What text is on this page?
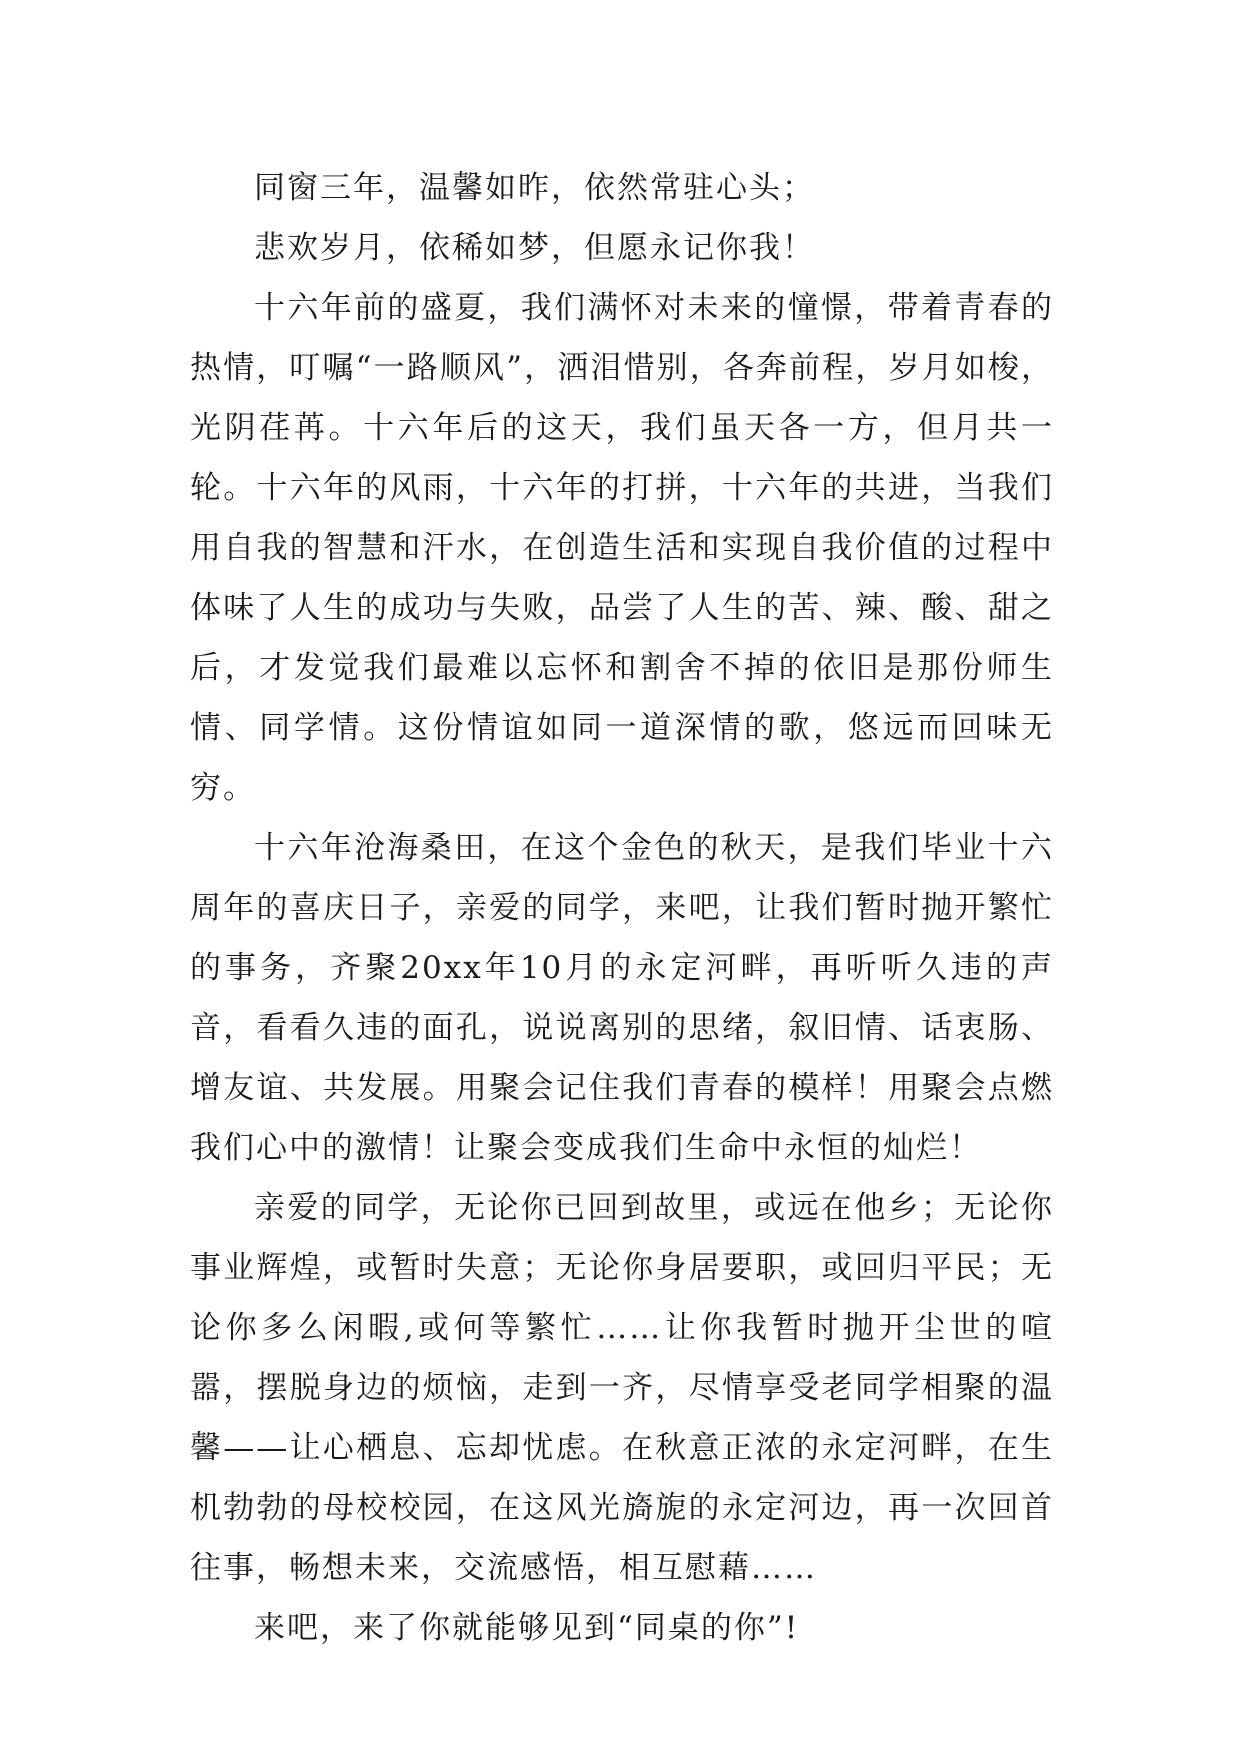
同窗三年，温馨如昨，依然常驻心头；

悲欢岁月，依稀如梦，但愿永记你我！

十六年前的盛夏，我们满怀对未来的憧憬，带着青春的热情，叮嘱“一路顺风”，洒泪惜别，各奔前程，岁月如梭，光阴荏苒。十六年后的这天，我们虽天各一方，但月共一轮。十六年的风雨，十六年的打拼，十六年的共进，当我们用自我的智慧和汗水，在创造生活和实现自我价值的过程中体味了人生的成功与失败，品尝了人生的苦、辣、酸、甜之后，才发觉我们最难以忘怀和割舍不掉的依旧是那份师生情、同学情。这份情谊如同一道深情的歌，悠远而回味无穷。

十六年沧海桑田，在这个金色的秋天，是我们毕业十六周年的喜庆日子，亲爱的同学，来吧，让我们暂时抛开繁忙的事务，齐聚20xx年10月的永定河畔，再听听久违的声音，看看久违的面孔，说说离别的思绪，叙旧情、话衷肠、增友谊、共发展。用聚会记住我们青春的模样！用聚会点燃我们心中的激情！让聚会变成我们生命中永恒的灿烂！

亲爱的同学，无论你已回到故里，或远在他乡；无论你事业辉煌，或暂时失意；无论你身居要职，或回归平民；无论你多么闲暇,或何等繁忙……让你我暂时抛开尘世的喧嚣，摆脱身边的烦恼，走到一齐，尽情享受老同学相聚的温馨——让心栖息、忘却忧虑。在秋意正浓的永定河畔，在生机勃勃的母校校园，在这风光旖旎的永定河边，再一次回首往事，畅想未来，交流感悟，相互慰藉……

来吧，来了你就能够见到“同桌的你”!
